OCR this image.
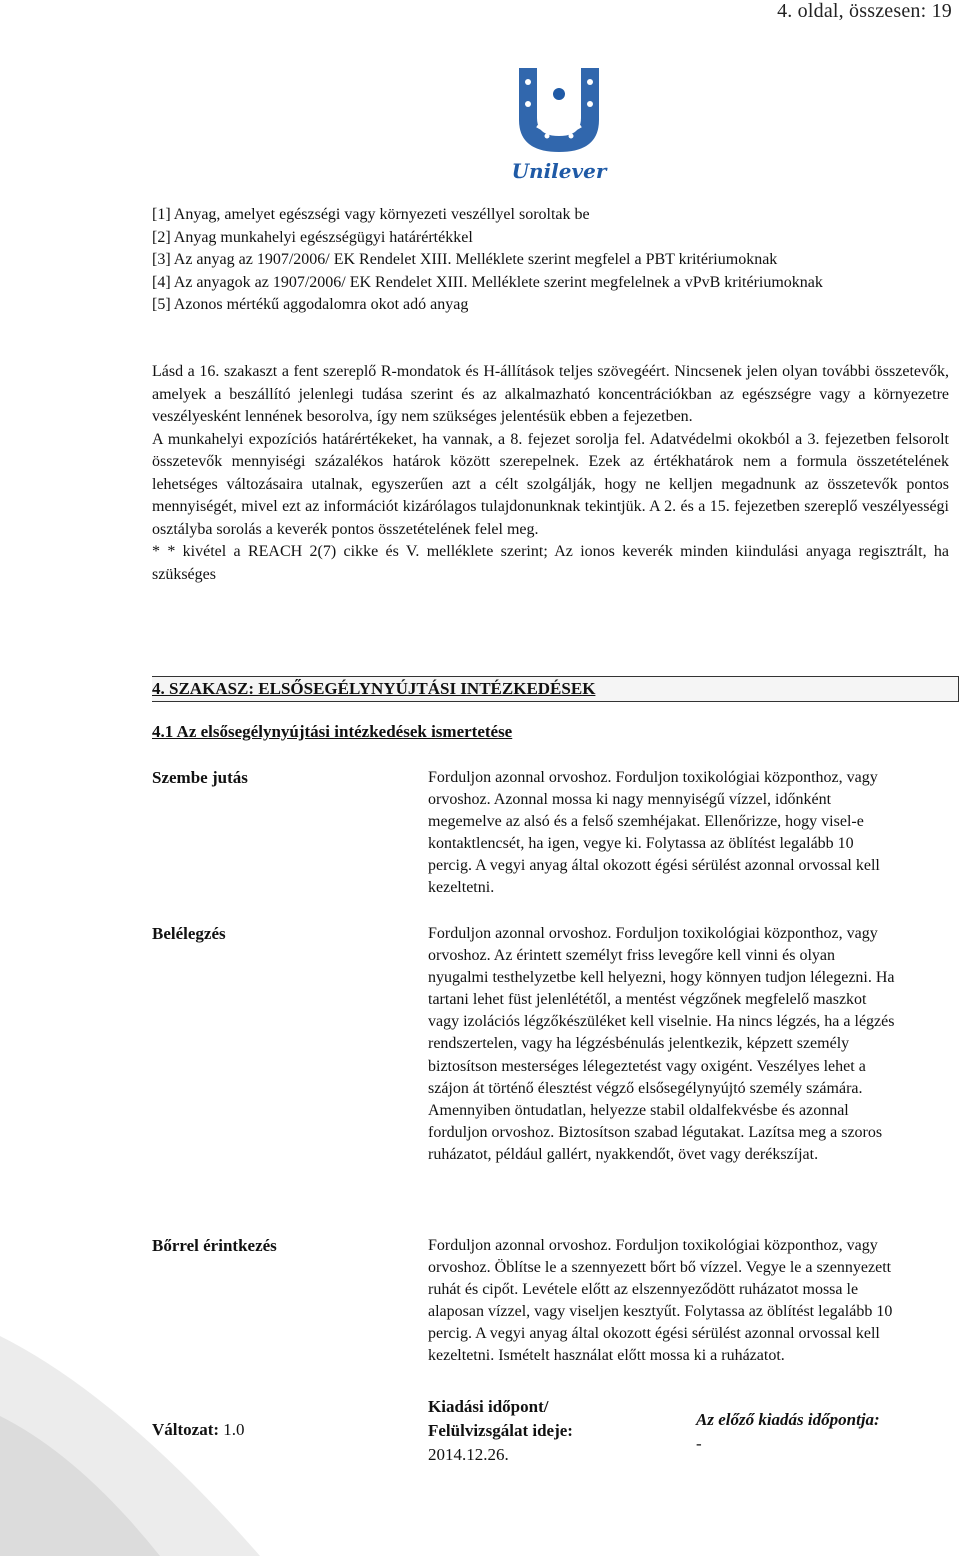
4. oldal, összesen: 19
Unilever
[1] Anyag, amelyet egészségi vagy környezeti veszéllyel soroltak be
[2] Anyag munkahelyi egészségügyi határértékkel
[3] Az anyag az 1907/2006/ EK Rendelet XIII. Melléklete szerint megfelel a PBT kritériumoknak
[4] Az anyagok az 1907/2006/ EK Rendelet XIII. Melléklete szerint megfelelnek a vPvB kritériumoknak
[5] Azonos mértékű aggodalomra okot adó anyag

Lásd a 16. szakaszt a fent szereplő R-mondatok és H-állítások teljes szövegéért. Nincsenek jelen olyan további összetevők, amelyek a beszállító jelenlegi tudása szerint és az alkalmazható koncentrációkban az egészségre vagy a környezetre veszélyesként lennének besorolva, így nem szükséges jelentésük ebben a fejezetben.

A munkahelyi expozíciós határértékeket, ha vannak, a 8. fejezet sorolja fel. Adatvédelmi okokból a 3. fejezetben felsorolt összetevők mennyiségi százalékos határok között szerepelnek. Ezek az értékhatárok nem a formula összetételének lehetséges változásaira utalnak, egyszerűen azt a célt szolgálják, hogy ne kelljen megadnunk az összetevők pontos mennyiségét, mivel ezt az információt kizárólagos tulajdonunknak tekintjük. A 2. és a 15. fejezetben szereplő veszélyességi osztályba sorolás a keverék pontos összetételének felel meg.

* * kivétel a REACH 2(7) cikke és V. melléklete szerint; Az ionos keverék minden kiindulási anyaga regisztrált, ha szükséges

4. SZAKASZ: ELSŐSEGÉLYNYÚJTÁSI INTÉZKEDÉSEK
4.1 Az elsősegélynyújtási intézkedések ismertetése
Szembe jutás	Forduljon azonnal orvoshoz. Forduljon toxikológiai központhoz, vagy orvoshoz. Azonnal mossa ki nagy mennyiségű vízzel, időnként megemelve az alsó és a felső szemhéjakat. Ellenőrizze, hogy visel-e kontaktlencsét, ha igen, vegye ki. Folytassa az öblítést legalább 10 percig. A vegyi anyag által okozott égési sérülést azonnal orvossal kell kezeltetni.
Belélegzés	Forduljon azonnal orvoshoz. Forduljon toxikológiai központhoz, vagy orvoshoz. Az érintett személyt friss levegőre kell vinni és olyan nyugalmi testhelyzetbe kell helyezni, hogy könnyen tudjon lélegezni. Ha tartani lehet füst jelenlététől, a mentést végzőnek megfelelő maszkot vagy izolációs légzőkészüléket kell viselnie. Ha nincs légzés, ha a légzés rendszertelen, vagy ha légzésbénulás jelentkezik, képzett személy biztosítson mesterséges lélegeztetést vagy oxigént. Veszélyes lehet a szájon át történő élesztést végző elsősegélynyújtó személy számára. Amennyiben öntudatlan, helyezze stabil oldalfekvésbe és azonnal forduljon orvoshoz. Biztosítson szabad légutakat. Lazítsa meg a szoros ruházatot, például gallért, nyakkendőt, övet vagy derékszíjat.
Bőrrel érintkezés	Forduljon azonnal orvoshoz. Forduljon toxikológiai központhoz, vagy orvoshoz. Öblítse le a szennyezett bőrt bő vízzel. Vegye le a szennyezett ruhát és cipőt. Levétele előtt az elszennyeződött ruházatot mossa le alaposan vízzel, vagy viseljen kesztyűt. Folytassa az öblítést legalább 10 percig. A vegyi anyag által okozott égési sérülést azonnal orvossal kell kezeltetni. Ismételt használat előtt mossa ki a ruházatot.
Változat: 1.0
Kiadási időpont/
Felülvizsgálat ideje:
2014.12.26.
Az előző kiadás időpontja:
-
